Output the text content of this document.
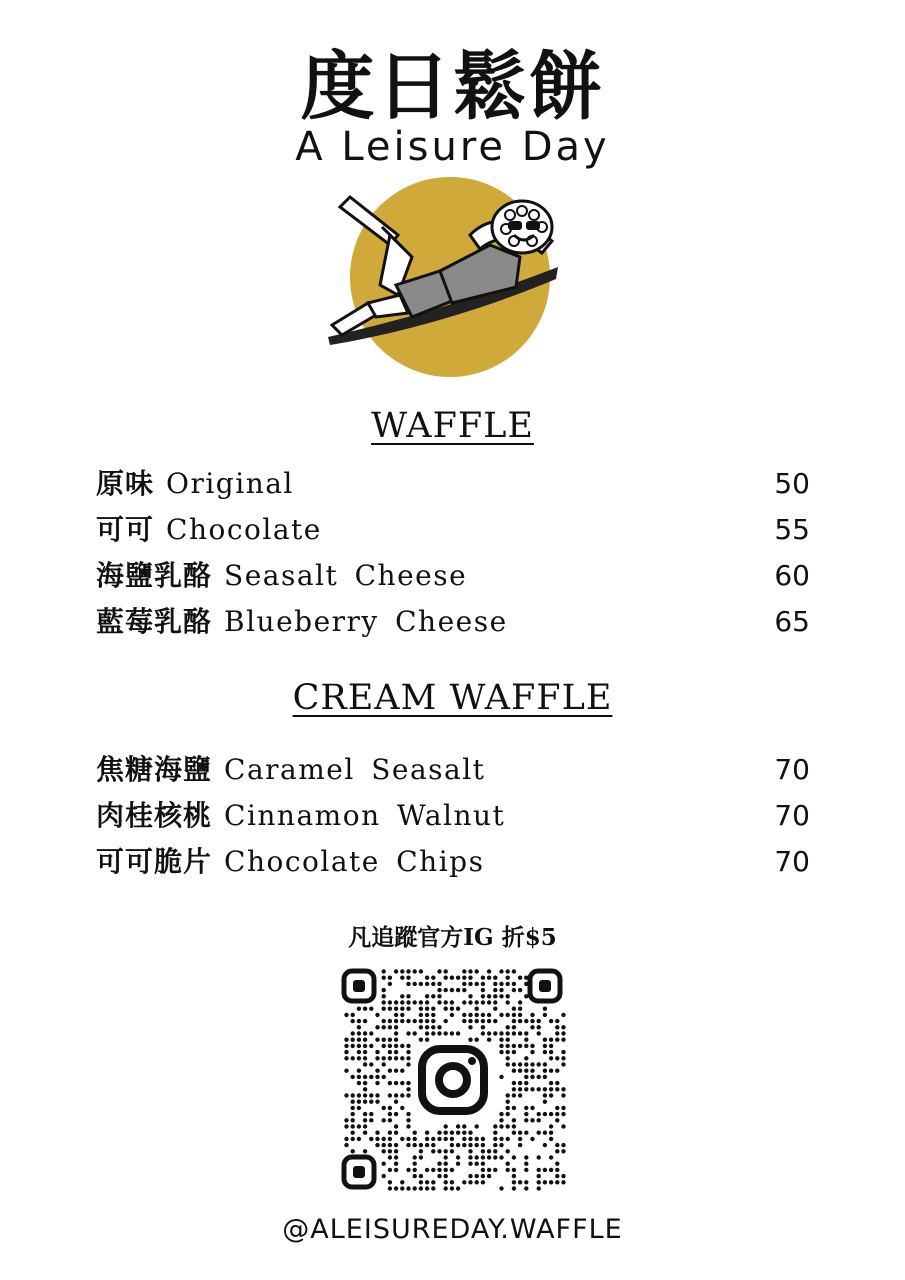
度日鬆餅
A Leisure Day
WAFFLE
原味 Original	50
可可 Chocolate	55
海鹽乳酪 Seasalt Cheese	60
藍莓乳酪 Blueberry Cheese	65
CREAM WAFFLE
焦糖海鹽 Caramel Seasalt	70
肉桂核桃 Cinnamon Walnut	70
可可脆片 Chocolate Chips	70
凡追蹤官方IG 折$5
@ALEISUREDAY.WAFFLE
